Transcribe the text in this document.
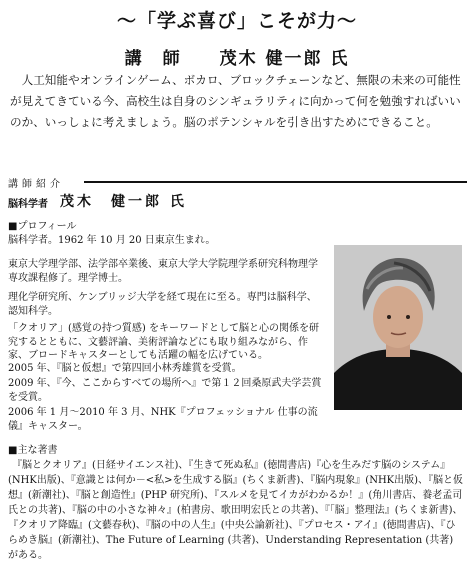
〜「学ぶ喜び」こそが力〜
講　師　　茂木 健一郎 氏

人工知能やオンラインゲーム、ボカロ、ブロックチェーンなど、無限の未来の可能性が見えてきている今、高校生は自身のシンギュラリティに向かって何を勉強すればいいのか、いっしょに考えましょう。脳のポテンシャルを引き出すためにできること。

講師紹介
脳科学者 茂木　健一郎 氏
■プロフィール

脳科学者。1962 年 10 月 20 日東京生まれ。

東京大学理学部、法学部卒業後、東京大学大学院理学系研究科物理学専攻課程修了。理学博士。

理化学研究所、ケンブリッジ大学を経て現在に至る。専門は脳科学、認知科学。

「クオリア」(感覚の持つ質感) をキーワードとして脳と心の関係を研究するとともに、文藝評論、美術評論などにも取り組みながら、作家、ブロードキャスターとしても活躍の幅を広げている。

2005 年、『脳と仮想』で第四回小林秀雄賞を受賞。

2009 年、『今、ここからすべての場所へ』で第１２回桑原武夫学芸賞を受賞。

2006 年 1 月〜2010 年 3 月、NHK『プロフェッショナル 仕事の流儀』キャスター。

■主な著書

『脳とクオリア』(日経サイエンス社)、『生きて死ぬ私』(徳間書店)『心を生みだす脳のシステム』(NHK出版)、『意識とは何か－<私>を生成する脳』(ちくま新書)、『脳内現象』(NHK出版)、『脳と仮想』(新潮社)、『脳と創造性』(PHP 研究所)、『スルメを見てイカがわかるか！』(角川書店、養老孟司氏との共著)、『脳の中の小さな神々』(柏書房、歌田明宏氏との共著)、『「脳」整理法』(ちくま新書)、『クオリア降臨』(文藝春秋)、『脳の中の人生』(中央公論新社)、『プロセス・アイ』(徳間書店)、『ひらめき脳』(新潮社)、The Future of Learning (共著)、Understanding Representation (共著) がある。
